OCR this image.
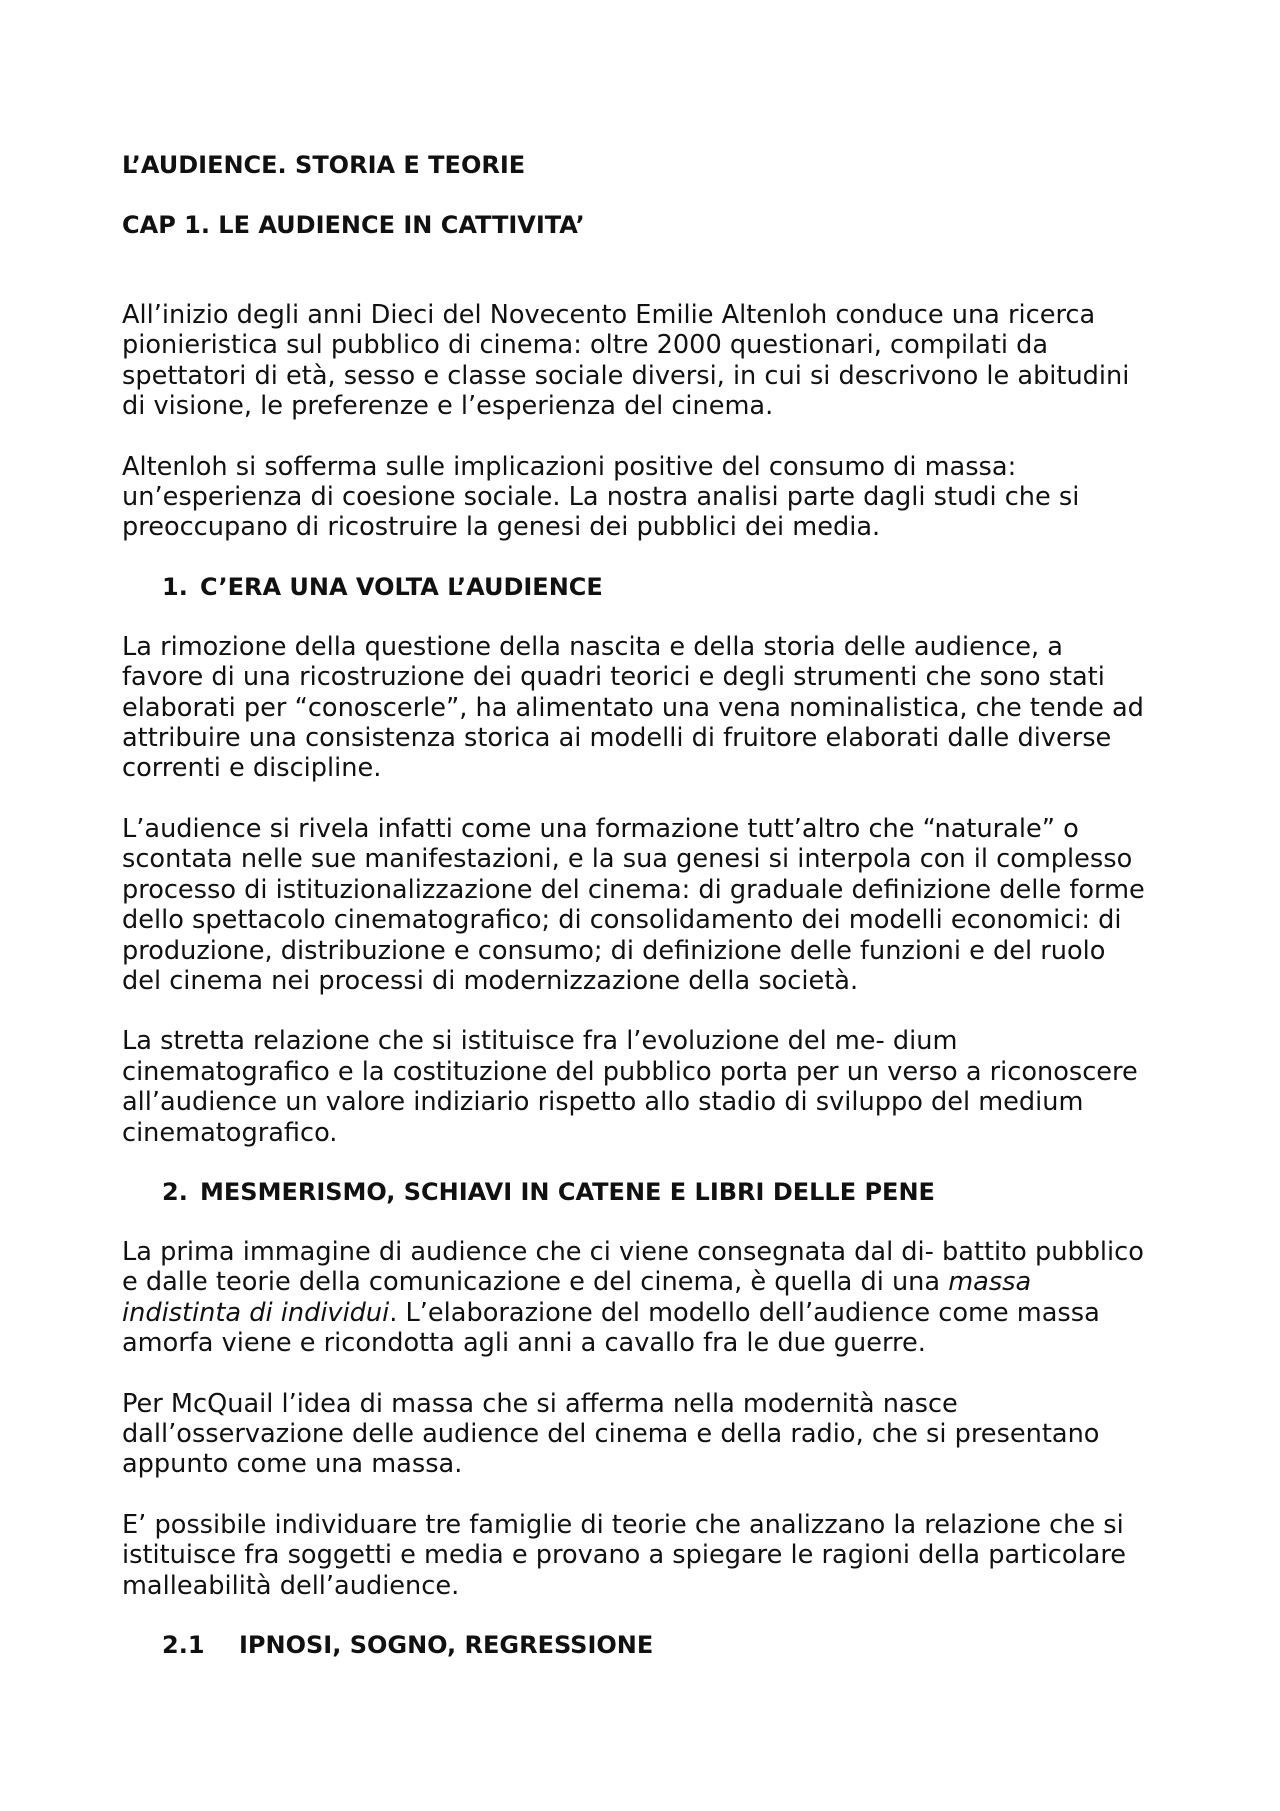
L’AUDIENCE. STORIA E TEORIE
CAP 1. LE AUDIENCE IN CATTIVITA’

All’inizio degli anni Dieci del Novecento Emilie Altenloh conduce una ricerca
pionieristica sul pubblico di cinema: oltre 2000 questionari, compilati da
spettatori di età, sesso e classe sociale diversi, in cui si descrivono le abitudini
di visione, le preferenze e l’esperienza del cinema.

Altenloh si sofferma sulle implicazioni positive del consumo di massa:
un’esperienza di coesione sociale. La nostra analisi parte dagli studi che si
preoccupano di ricostruire la genesi dei pubblici dei media.

1. C’ERA UNA VOLTA L’AUDIENCE

La rimozione della questione della nascita e della storia delle audience, a
favore di una ricostruzione dei quadri teorici e degli strumenti che sono stati
elaborati per “conoscerle”, ha alimentato una vena nominalistica, che tende ad
attribuire una consistenza storica ai modelli di fruitore elaborati dalle diverse
correnti e discipline.

L’audience si rivela infatti come una formazione tutt’altro che “naturale” o
scontata nelle sue manifestazioni, e la sua genesi si interpola con il complesso
processo di istituzionalizzazione del cinema: di graduale definizione delle forme
dello spettacolo cinematografico; di consolidamento dei modelli economici: di
produzione, distribuzione e consumo; di definizione delle funzioni e del ruolo
del cinema nei processi di modernizzazione della società.

La stretta relazione che si istituisce fra l’evoluzione del me- dium
cinematografico e la costituzione del pubblico porta per un verso a riconoscere
all’audience un valore indiziario rispetto allo stadio di sviluppo del medium
cinematografico.

2. MESMERISMO, SCHIAVI IN CATENE E LIBRI DELLE PENE

La prima immagine di audience che ci viene consegnata dal di- battito pubblico
e dalle teorie della comunicazione e del cinema, è quella di una massa
indistinta di individui. L’elaborazione del modello dell’audience come massa
amorfa viene e ricondotta agli anni a cavallo fra le due guerre.

Per McQuail l’idea di massa che si afferma nella modernità nasce
dall’osservazione delle audience del cinema e della radio, che si presentano
appunto come una massa.

E’ possibile individuare tre famiglie di teorie che analizzano la relazione che si
istituisce fra soggetti e media e provano a spiegare le ragioni della particolare
malleabilità dell’audience.

2.1 IPNOSI, SOGNO, REGRESSIONE
